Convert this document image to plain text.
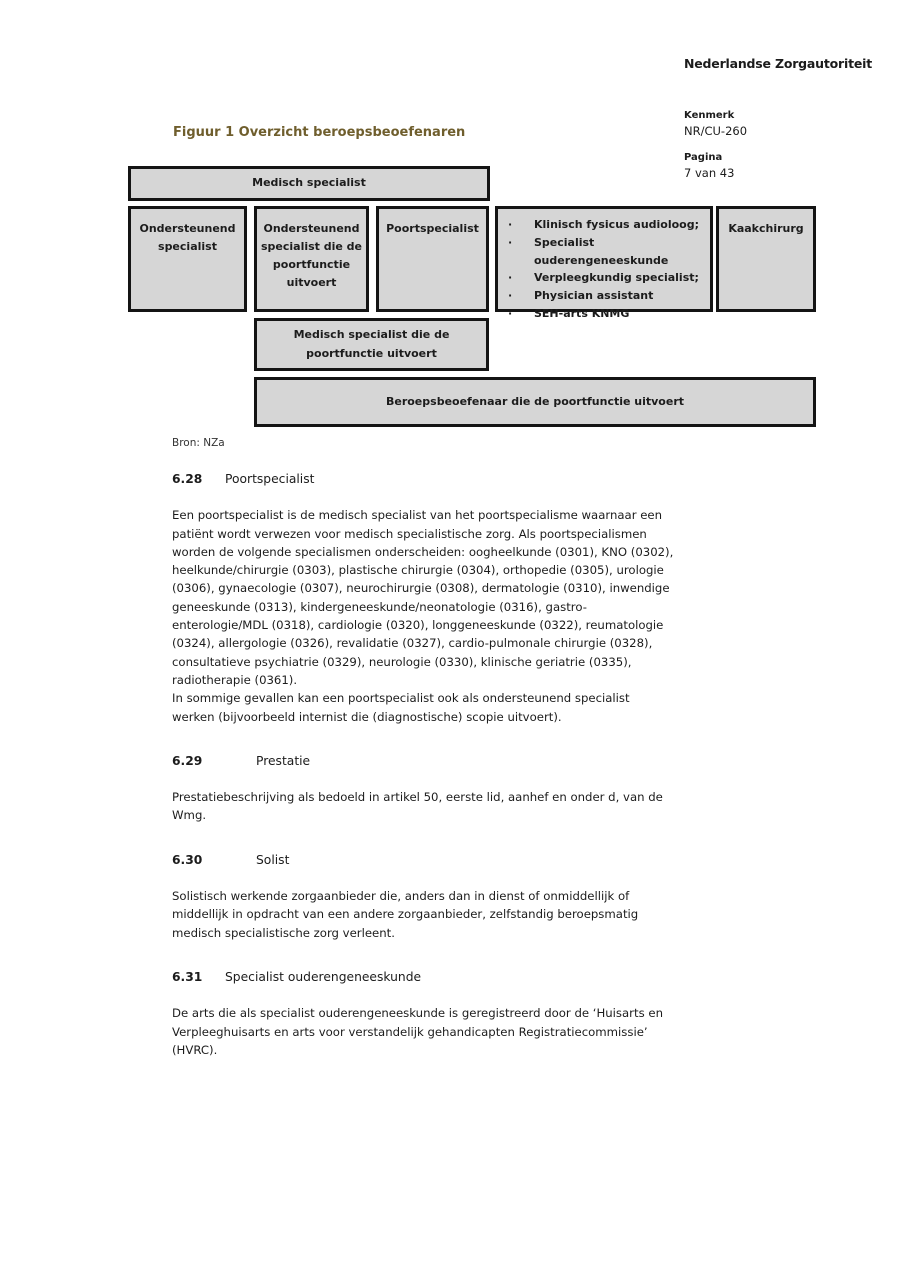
Nederlandse Zorgautoriteit
Kenmerk
NR/CU-260
Pagina
7 van 43
Figuur 1 Overzicht beroepsbeoefenaren
Medisch specialist
Ondersteunend specialist
Ondersteunend specialist die de poortfunctie uitvoert
Poortspecialist	·	Klinisch fysicus audioloog;
·	Specialist ouderengeneeskunde
·	Verpleegkundig specialist;
·	Physician assistant
·	SEH-arts KNMG
Kaakchirurg
Medisch specialist die de poortfunctie uitvoert
Beroepsbeoefenaar die de poortfunctie uitvoert
Bron: NZa
6.28	Poortspecialist

Een poortspecialist is de medisch specialist van het poortspecialisme waarnaar een patiënt wordt verwezen voor medisch specialistische zorg. Als poortspecialismen worden de volgende specialismen onderscheiden: oogheelkunde (0301), KNO (0302), heelkunde/chirurgie (0303), plastische chirurgie (0304), orthopedie (0305), urologie (0306), gynaecologie (0307), neurochirurgie (0308), dermatologie (0310), inwendige geneeskunde (0313), kindergeneeskunde/neonatologie (0316), gastro-enterologie/MDL (0318), cardiologie (0320), longgeneeskunde (0322), reumatologie (0324), allergologie (0326), revalidatie (0327), cardio-pulmonale chirurgie (0328), consultatieve psychiatrie (0329), neurologie (0330), klinische geriatrie (0335), radiotherapie (0361).

In sommige gevallen kan een poortspecialist ook als ondersteunend specialist werken (bijvoorbeeld internist die (diagnostische) scopie uitvoert).

6.29	Prestatie

Prestatiebeschrijving als bedoeld in artikel 50, eerste lid, aanhef en onder d, van de Wmg.

6.30	Solist

Solistisch werkende zorgaanbieder die, anders dan in dienst of onmiddellijk of middellijk in opdracht van een andere zorgaanbieder, zelfstandig beroepsmatig medisch specialistische zorg verleent.

6.31	Specialist ouderengeneeskunde

De arts die als specialist ouderengeneeskunde is geregistreerd door de ‘Huisarts en Verpleeghuisarts en arts voor verstandelijk gehandicapten Registratiecommissie’ (HVRC).
